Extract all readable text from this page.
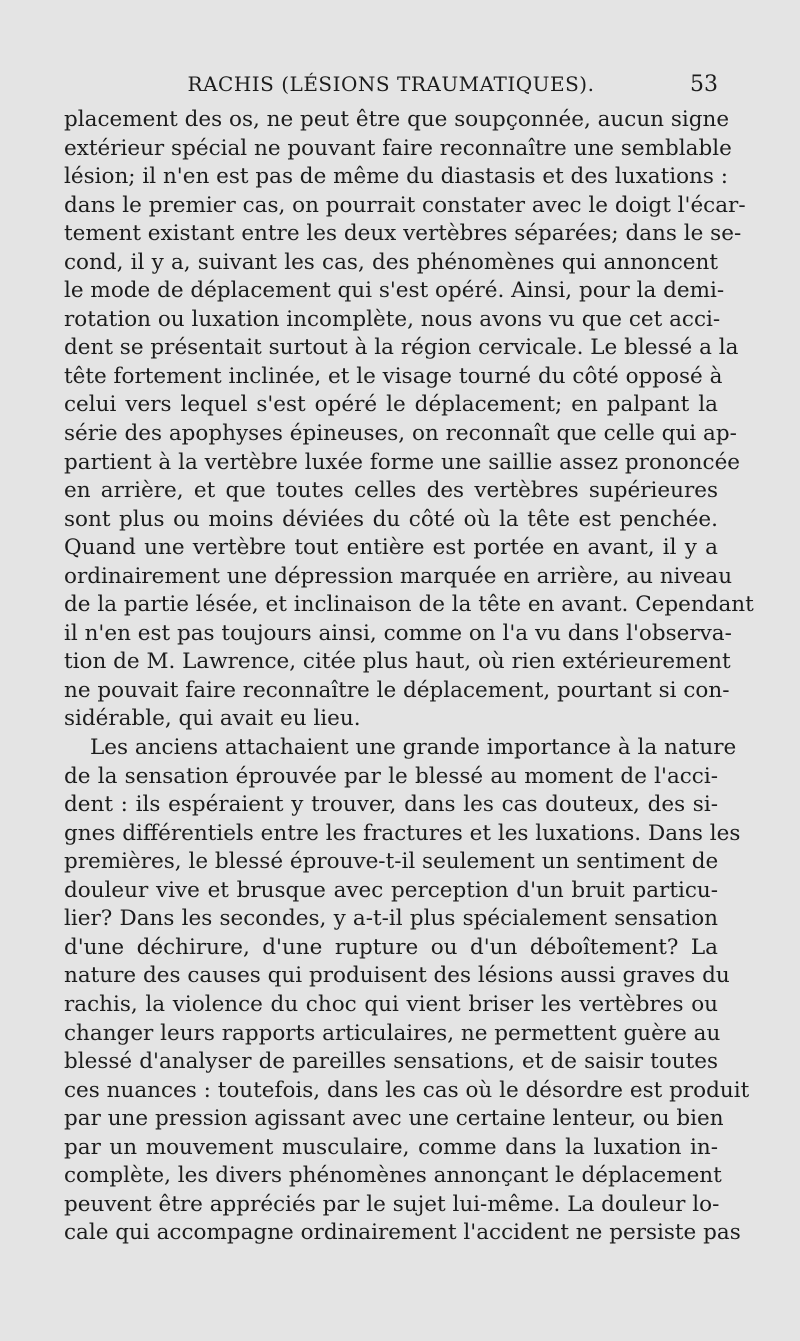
RACHIS (LÉSIONS TRAUMATIQUES).	53
placement des os, ne peut être que soupçonnée, aucun signe
extérieur spécial ne pouvant faire reconnaître une semblable
lésion; il n'en est pas de même du diastasis et des luxations :
dans le premier cas, on pourrait constater avec le doigt l'écar-
tement existant entre les deux vertèbres séparées; dans le se-
cond, il y a, suivant les cas, des phénomènes qui annoncent
le mode de déplacement qui s'est opéré. Ainsi, pour la demi-
rotation ou luxation incomplète, nous avons vu que cet acci-
dent se présentait surtout à la région cervicale. Le blessé a la
tête fortement inclinée, et le visage tourné du côté opposé à
celui vers lequel s'est opéré le déplacement; en palpant la
série des apophyses épineuses, on reconnaît que celle qui ap-
partient à la vertèbre luxée forme une saillie assez prononcée
en arrière, et que toutes celles des vertèbres supérieures
sont plus ou moins déviées du côté où la tête est penchée.
Quand une vertèbre tout entière est portée en avant, il y a
ordinairement une dépression marquée en arrière, au niveau
de la partie lésée, et inclinaison de la tête en avant. Cependant
il n'en est pas toujours ainsi, comme on l'a vu dans l'observa-
tion de M. Lawrence, citée plus haut, où rien extérieurement
ne pouvait faire reconnaître le déplacement, pourtant si con-
sidérable, qui avait eu lieu.
Les anciens attachaient une grande importance à la nature
de la sensation éprouvée par le blessé au moment de l'acci-
dent : ils espéraient y trouver, dans les cas douteux, des si-
gnes différentiels entre les fractures et les luxations. Dans les
premières, le blessé éprouve-t-il seulement un sentiment de
douleur vive et brusque avec perception d'un bruit particu-
lier? Dans les secondes, y a-t-il plus spécialement sensation
d'une déchirure, d'une rupture ou d'un déboîtement? La
nature des causes qui produisent des lésions aussi graves du
rachis, la violence du choc qui vient briser les vertèbres ou
changer leurs rapports articulaires, ne permettent guère au
blessé d'analyser de pareilles sensations, et de saisir toutes
ces nuances : toutefois, dans les cas où le désordre est produit
par une pression agissant avec une certaine lenteur, ou bien
par un mouvement musculaire, comme dans la luxation in-
complète, les divers phénomènes annonçant le déplacement
peuvent être appréciés par le sujet lui-même. La douleur lo-
cale qui accompagne ordinairement l'accident ne persiste pas
